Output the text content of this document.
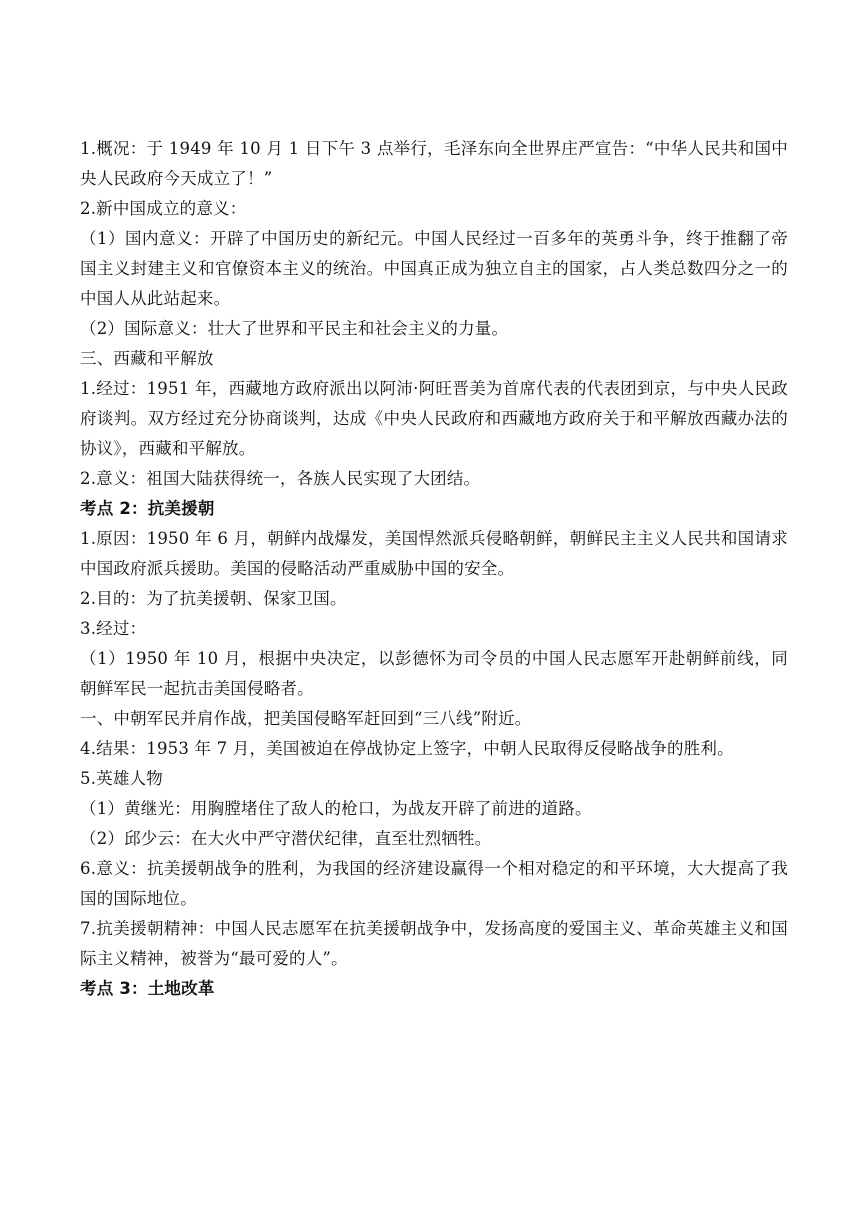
1.概况：于 1949 年 10 月 1 日下午 3 点举行，毛泽东向全世界庄严宣告：“中华人民共和国中央人民政府今天成立了！”

2.新中国成立的意义：

（1）国内意义：开辟了中国历史的新纪元。中国人民经过一百多年的英勇斗争，终于推翻了帝国主义封建主义和官僚资本主义的统治。中国真正成为独立自主的国家，占人类总数四分之一的中国人从此站起来。

（2）国际意义：壮大了世界和平民主和社会主义的力量。

三、西藏和平解放

1.经过：1951 年，西藏地方政府派出以阿沛·阿旺晋美为首席代表的代表团到京，与中央人民政府谈判。双方经过充分协商谈判，达成《中央人民政府和西藏地方政府关于和平解放西藏办法的协议》，西藏和平解放。

2.意义：祖国大陆获得统一，各族人民实现了大团结。

考点 2：抗美援朝

1.原因：1950 年 6 月，朝鲜内战爆发，美国悍然派兵侵略朝鲜，朝鲜民主主义人民共和国请求中国政府派兵援助。美国的侵略活动严重威胁中国的安全。

2.目的：为了抗美援朝、保家卫国。

3.经过：

（1）1950 年 10 月，根据中央决定，以彭德怀为司令员的中国人民志愿军开赴朝鲜前线，同朝鲜军民一起抗击美国侵略者。

一、中朝军民并肩作战，把美国侵略军赶回到“三八线”附近。

4.结果：1953 年 7 月，美国被迫在停战协定上签字，中朝人民取得反侵略战争的胜利。

5.英雄人物

（1）黄继光：用胸膛堵住了敌人的枪口，为战友开辟了前进的道路。

（2）邱少云：在大火中严守潜伏纪律，直至壮烈牺牲。

6.意义：抗美援朝战争的胜利，为我国的经济建设赢得一个相对稳定的和平环境，大大提高了我国的国际地位。

7.抗美援朝精神：中国人民志愿军在抗美援朝战争中，发扬高度的爱国主义、革命英雄主义和国际主义精神，被誉为“最可爱的人”。

考点 3：土地改革
